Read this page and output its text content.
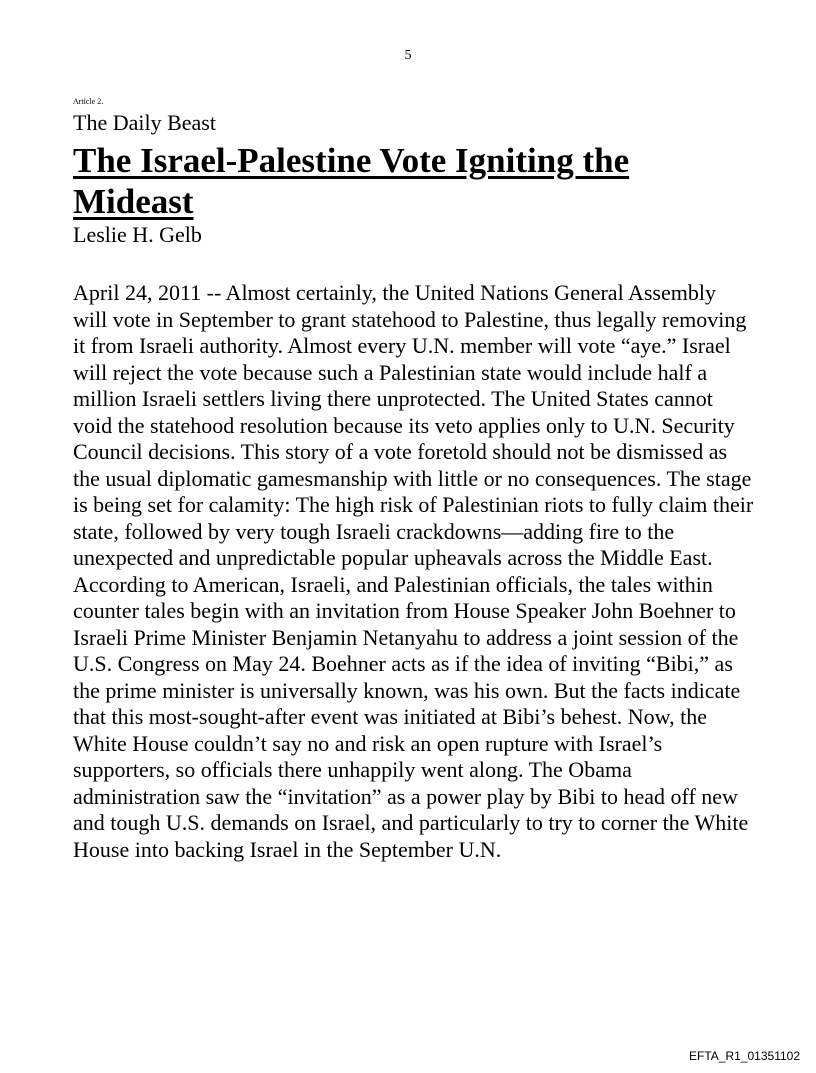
5
Article 2.
The Daily Beast
The Israel-Palestine Vote Igniting the Mideast
Leslie H. Gelb

April 24, 2011 -- Almost certainly, the United Nations General Assembly will vote in September to grant statehood to Palestine, thus legally removing it from Israeli authority. Almost every U.N. member will vote “aye.” Israel will reject the vote because such a Palestinian state would include half a million Israeli settlers living there unprotected. The United States cannot void the statehood resolution because its veto applies only to U.N. Security Council decisions. This story of a vote foretold should not be dismissed as the usual diplomatic gamesmanship with little or no consequences. The stage is being set for calamity: The high risk of Palestinian riots to fully claim their state, followed by very tough Israeli crackdowns—adding fire to the unexpected and unpredictable popular upheavals across the Middle East. According to American, Israeli, and Palestinian officials, the tales within counter tales begin with an invitation from House Speaker John Boehner to Israeli Prime Minister Benjamin Netanyahu to address a joint session of the U.S. Congress on May 24. Boehner acts as if the idea of inviting “Bibi,” as the prime minister is universally known, was his own. But the facts indicate that this most-sought-after event was initiated at Bibi’s behest. Now, the White House couldn’t say no and risk an open rupture with Israel’s supporters, so officials there unhappily went along. The Obama administration saw the “invitation” as a power play by Bibi to head off new and tough U.S. demands on Israel, and particularly to try to corner the White House into backing Israel in the September U.N.

EFTA_R1_01351102
